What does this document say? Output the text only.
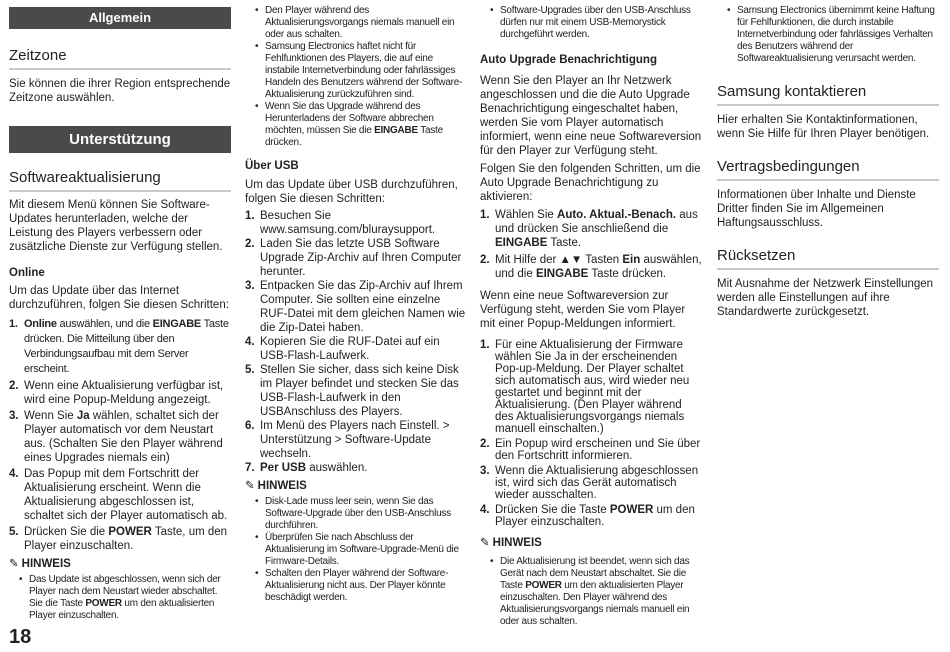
Allgemein
Zeitzone

Sie können die ihrer Region entsprechende Zeitzone auswählen.

Unterstützung
Softwareaktualisierung

Mit diesem Menü können Sie Software-Updates herunterladen, welche der Leistung des Players verbessern oder zusätzliche Dienste zur Verfügung stellen.

Online

Um das Update über das Internet durchzuführen, folgen Sie diesen Schritten:

1. Online auswählen, und die EINGABE Taste drücken. Die Mitteilung über den Verbindungsaufbau mit dem Server erscheint.
2. Wenn eine Aktualisierung verfügbar ist, wird eine Popup-Meldung angezeigt.
3. Wenn Sie Ja wählen, schaltet sich der Player automatisch vor dem Neustart aus. (Schalten Sie den Player während eines Upgrades niemals ein)
4. Das Popup mit dem Fortschritt der Aktualisierung erscheint. Wenn die Aktualisierung abgeschlossen ist, schaltet sich der Player automatisch ab.
5. Drücken Sie die POWER Taste, um den Player einzuschalten.

✎ HINWEIS

• Das Update ist abgeschlossen, wenn sich der Player nach dem Neustart wieder abschaltet. Sie die Taste POWER um den aktualisierten Player einzuschalten.
• Den Player während des Aktualisierungsvorgangs niemals manuell ein oder aus schalten.
• Samsung Electronics haftet nicht für Fehlfunktionen des Players, die auf eine instabile Internetverbindung oder fahrlässiges Handeln des Benutzers während der Software-Aktualisierung zurückzuführen sind.
• Wenn Sie das Upgrade während des Herunterladens der Software abbrechen möchten, müssen Sie die EINGABE Taste drücken.

Über USB

Um das Update über USB durchzuführen, folgen Sie diesen Schritten:

1. Besuchen Sie www.samsung.com/bluraysupport.
2. Laden Sie das letzte USB Software Upgrade Zip-Archiv auf Ihren Computer herunter.
3. Entpacken Sie das Zip-Archiv auf Ihrem Computer. Sie sollten eine einzelne RUF-Datei mit dem gleichen Namen wie die Zip-Datei haben.
4. Kopieren Sie die RUF-Datei auf ein USB-Flash-Laufwerk.
5. Stellen Sie sicher, dass sich keine Disk im Player befindet und stecken Sie das USB-Flash-Laufwerk in den USBAnschluss des Players.
6. Im Menü des Players nach Einstell. > Unterstützung > Software-Update wechseln.
7. Per USB auswählen.

✎ HINWEIS

• Disk-Lade muss leer sein, wenn Sie das Software-Upgrade über den USB-Anschluss durchführen.
• Überprüfen Sie nach Abschluss der Aktualisierung im Software-Upgrade-Menü die Firmware-Details.
• Schalten den Player während der Software-Aktualisierung nicht aus. Der Player könnte beschädigt werden.
• Software-Upgrades über den USB-Anschluss dürfen nur mit einem USB-Memorystick durchgeführt werden.

Auto Upgrade Benachrichtigung

Wenn Sie den Player an Ihr Netzwerk angeschlossen und die die Auto Upgrade Benachrichtigung eingeschaltet haben, werden Sie vom Player automatisch informiert, wenn eine neue Softwareversion für den Player zur Verfügung steht.

Folgen Sie den folgenden Schritten, um die Auto Upgrade Benachrichtigung zu aktivieren:

1. Wählen Sie Auto. Aktual.-Benach. aus und drücken Sie anschließend die EINGABE Taste.
2. Mit Hilfe der ▲▼ Tasten Ein auswählen, und die EINGABE Taste drücken.

Wenn eine neue Softwareversion zur Verfügung steht, werden Sie vom Player mit einer Popup-Meldungen informiert.

1. Für eine Aktualisierung der Firmware wählen Sie Ja in der erscheinenden Pop-up-Meldung. Der Player schaltet sich automatisch aus, wird wieder neu gestartet und beginnt mit der Aktualisierung. (Den Player während des Aktualisierungsvorgangs niemals manuell einschalten.)
2. Ein Popup wird erscheinen und Sie über den Fortschritt informieren.
3. Wenn die Aktualisierung abgeschlossen ist, wird sich das Gerät automatisch wieder ausschalten.
4. Drücken Sie die Taste POWER um den Player einzuschalten.

✎ HINWEIS

• Die Aktualisierung ist beendet, wenn sich das Gerät nach dem Neustart abschaltet. Sie die Taste POWER um den aktualisierten Player einzuschalten. Den Player während des Aktualisierungsvorgangs niemals manuell ein oder aus schalten.
• Samsung Electronics übernimmt keine Haftung für Fehlfunktionen, die durch instabile Internetverbindung oder fahrlässiges Verhalten des Benutzers während der Softwareaktualisierung verursacht werden.
Samsung kontaktieren

Hier erhalten Sie Kontaktinformationen, wenn Sie Hilfe für Ihren Player benötigen.

Vertragsbedingungen

Informationen über Inhalte und Dienste Dritter finden Sie im Allgemeinen Haftungsausschluss.

Rücksetzen

Mit Ausnahme der Netzwerk Einstellungen werden alle Einstellungen auf ihre Standardwerte zurückgesetzt.

18
